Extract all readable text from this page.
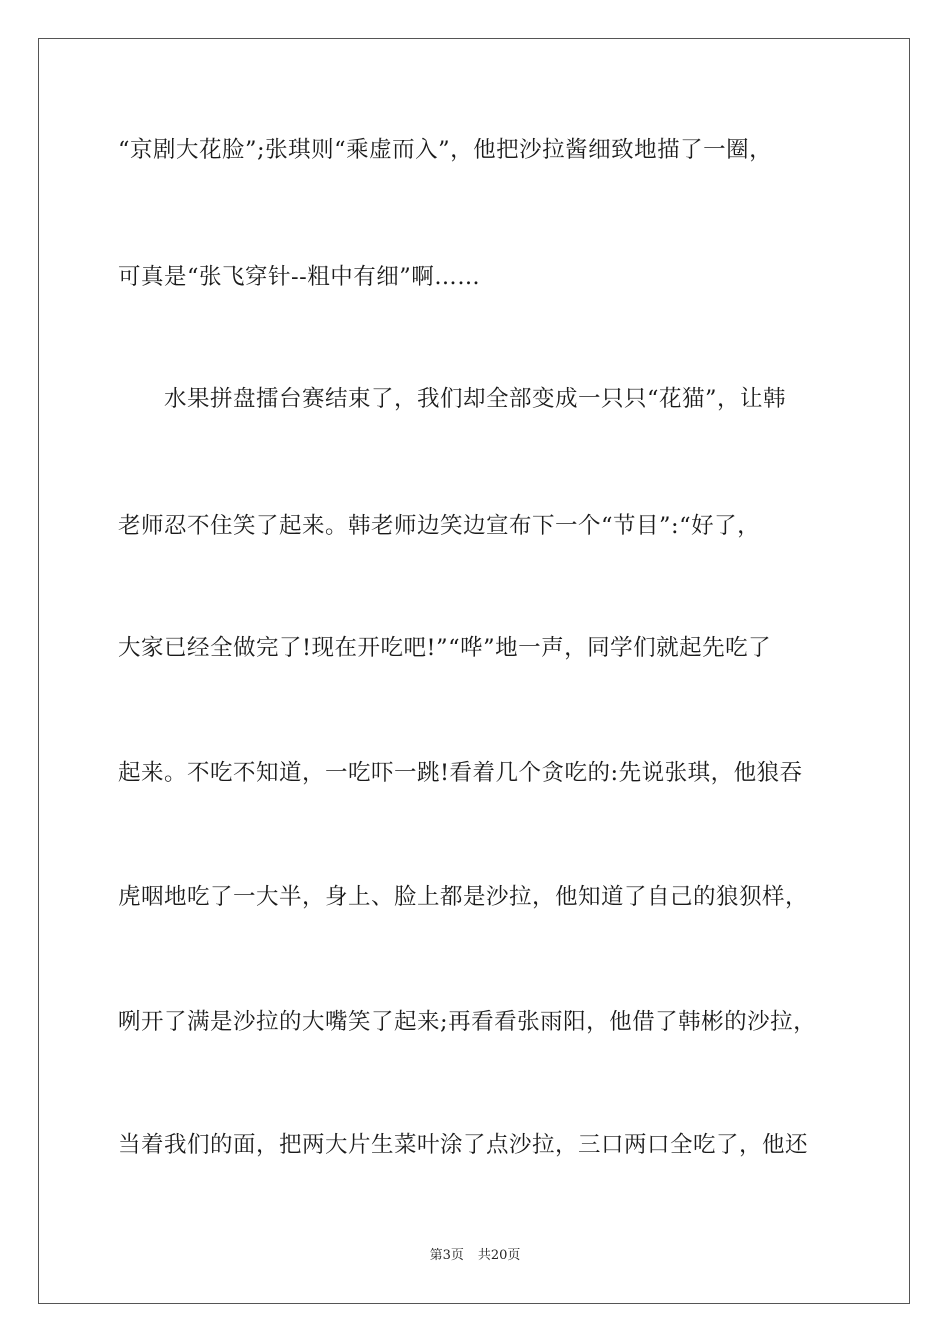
“京剧大花脸”;张琪则“乘虚而入”，他把沙拉酱细致地描了一圈，
可真是“张飞穿针--粗中有细”啊……
　　水果拼盘擂台赛结束了，我们却全部变成一只只“花猫”，让韩
老师忍不住笑了起来。韩老师边笑边宣布下一个“节目”:“好了，
大家已经全做完了!现在开吃吧!”“哗”地一声，同学们就起先吃了
起来。不吃不知道，一吃吓一跳!看着几个贪吃的:先说张琪，他狼吞
虎咽地吃了一大半，身上、脸上都是沙拉，他知道了自己的狼狈样，
咧开了满是沙拉的大嘴笑了起来;再看看张雨阳，他借了韩彬的沙拉，
当着我们的面，把两大片生菜叶涂了点沙拉，三口两口全吃了，他还
第3页 共20页
